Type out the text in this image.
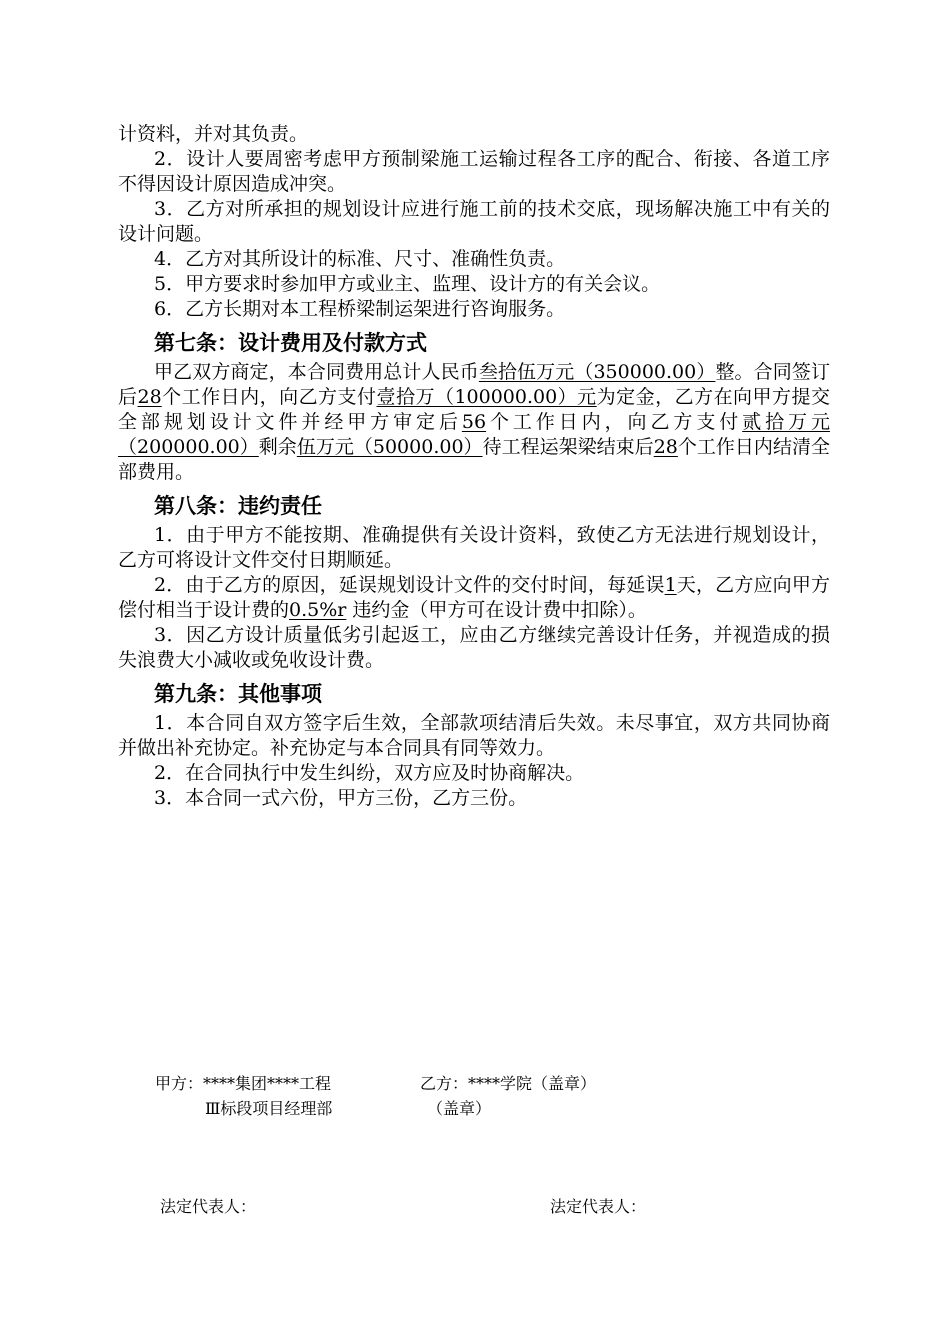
计资料，并对其负责。

2．设计人要周密考虑甲方预制梁施工运输过程各工序的配合、衔接、各道工序不得因设计原因造成冲突。

3．乙方对所承担的规划设计应进行施工前的技术交底，现场解决施工中有关的设计问题。

4．乙方对其所设计的标准、尺寸、准确性负责。

5．甲方要求时参加甲方或业主、监理、设计方的有关会议。

6．乙方长期对本工程桥梁制运架进行咨询服务。

第七条：设计费用及付款方式

甲乙双方商定，本合同费用总计人民币叁拾伍万元（350000.00）整。合同签订后28个工作日内，向乙方支付壹拾万（100000.00）元为定金，乙方在向甲方提交全部规划设计文件并经甲方审定后56个工作日内，向乙方支付贰拾万元（200000.00）剩余伍万元（50000.00）待工程运架梁结束后28个工作日内结清全部费用。

第八条：违约责任

1．由于甲方不能按期、准确提供有关设计资料，致使乙方无法进行规划设计，乙方可将设计文件交付日期顺延。

2．由于乙方的原因，延误规划设计文件的交付时间，每延误1天，乙方应向甲方偿付相当于设计费的0.5%r 违约金（甲方可在设计费中扣除）。

3．因乙方设计质量低劣引起返工，应由乙方继续完善设计任务，并视造成的损失浪费大小减收或免收设计费。

第九条：其他事项

1．本合同自双方签字后生效，全部款项结清后失效。未尽事宜，双方共同协商并做出补充协定。补充协定与本合同具有同等效力。

2．在合同执行中发生纠纷，双方应及时协商解决。

3．本合同一式六份，甲方三份，乙方三份。

甲方：****集团****工程
Ⅲ标段项目经理部
乙方：****学院（盖章）
（盖章）
法定代表人：	法定代表人：
